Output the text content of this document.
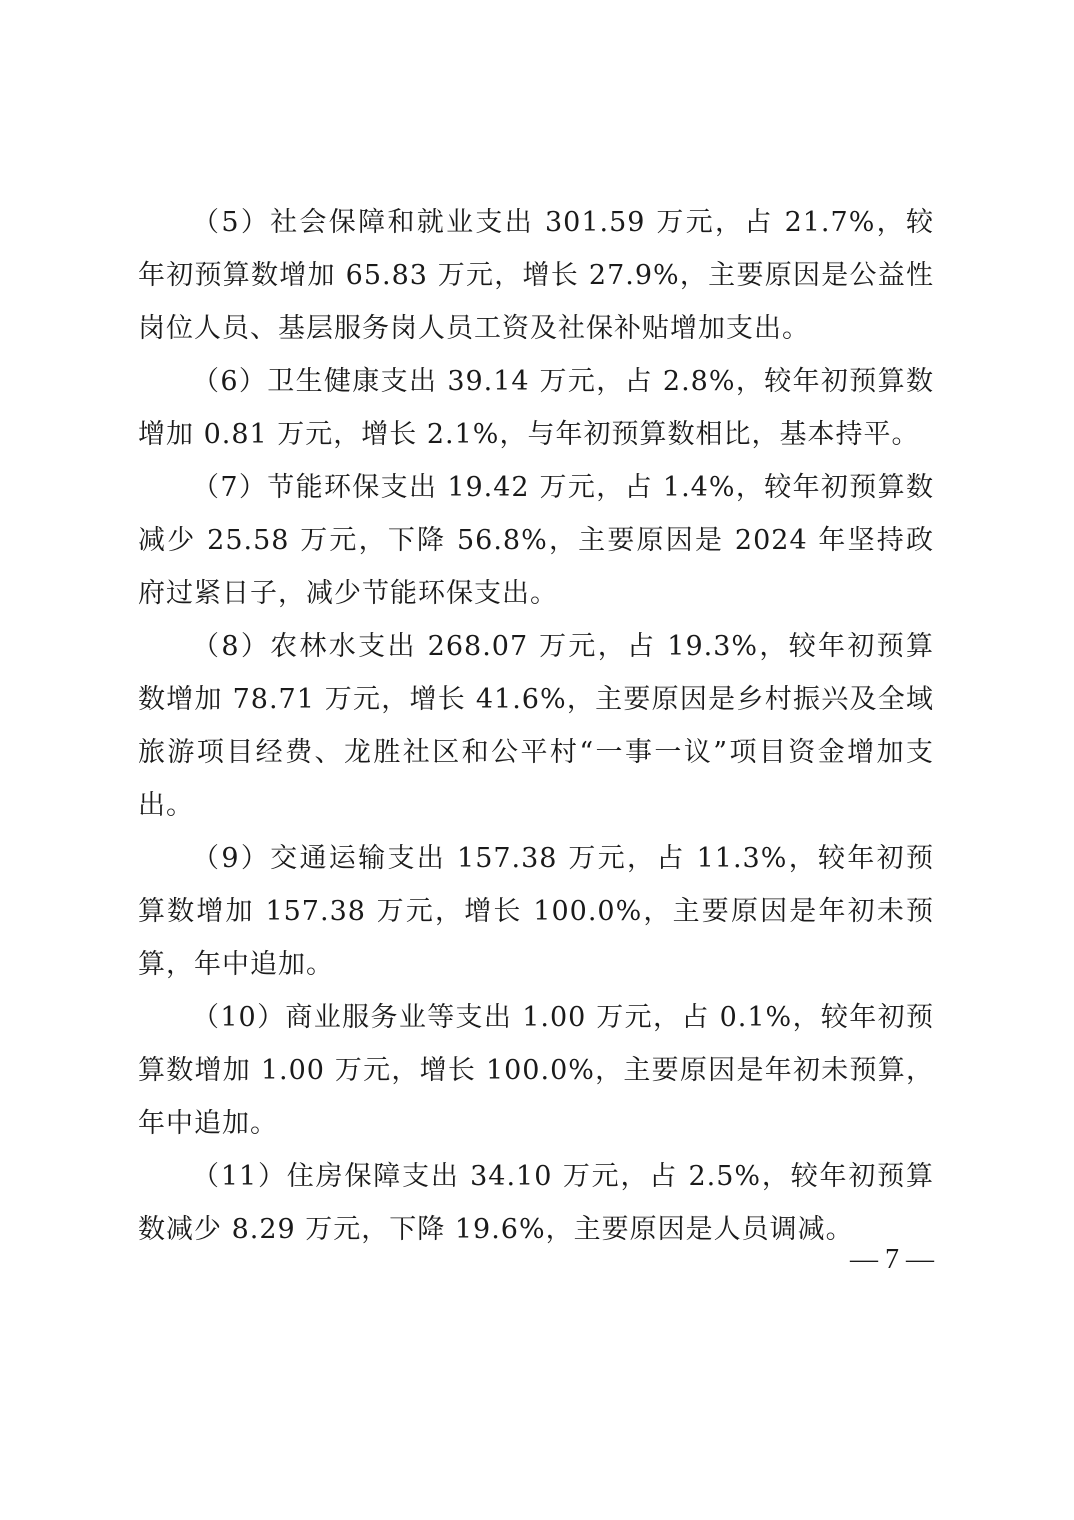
（5）社会保障和就业支出 301.59 万元，占 21.7%，较年初预算数增加 65.83 万元，增长 27.9%，主要原因是公益性岗位人员、基层服务岗人员工资及社保补贴增加支出。

（6）卫生健康支出 39.14 万元，占 2.8%，较年初预算数增加 0.81 万元，增长 2.1%，与年初预算数相比，基本持平。

（7）节能环保支出 19.42 万元，占 1.4%，较年初预算数减少 25.58 万元，下降 56.8%，主要原因是 2024 年坚持政府过紧日子，减少节能环保支出。

（8）农林水支出 268.07 万元，占 19.3%，较年初预算数增加 78.71 万元，增长 41.6%，主要原因是乡村振兴及全域旅游项目经费、龙胜社区和公平村“一事一议”项目资金增加支出。

（9）交通运输支出 157.38 万元，占 11.3%，较年初预算数增加 157.38 万元，增长 100.0%，主要原因是年初未预算，年中追加。

（10）商业服务业等支出 1.00 万元，占 0.1%，较年初预算数增加 1.00 万元，增长 100.0%，主要原因是年初未预算，年中追加。

（11）住房保障支出 34.10 万元，占 2.5%，较年初预算数减少 8.29 万元，下降 19.6%，主要原因是人员调减。

— 7 —
